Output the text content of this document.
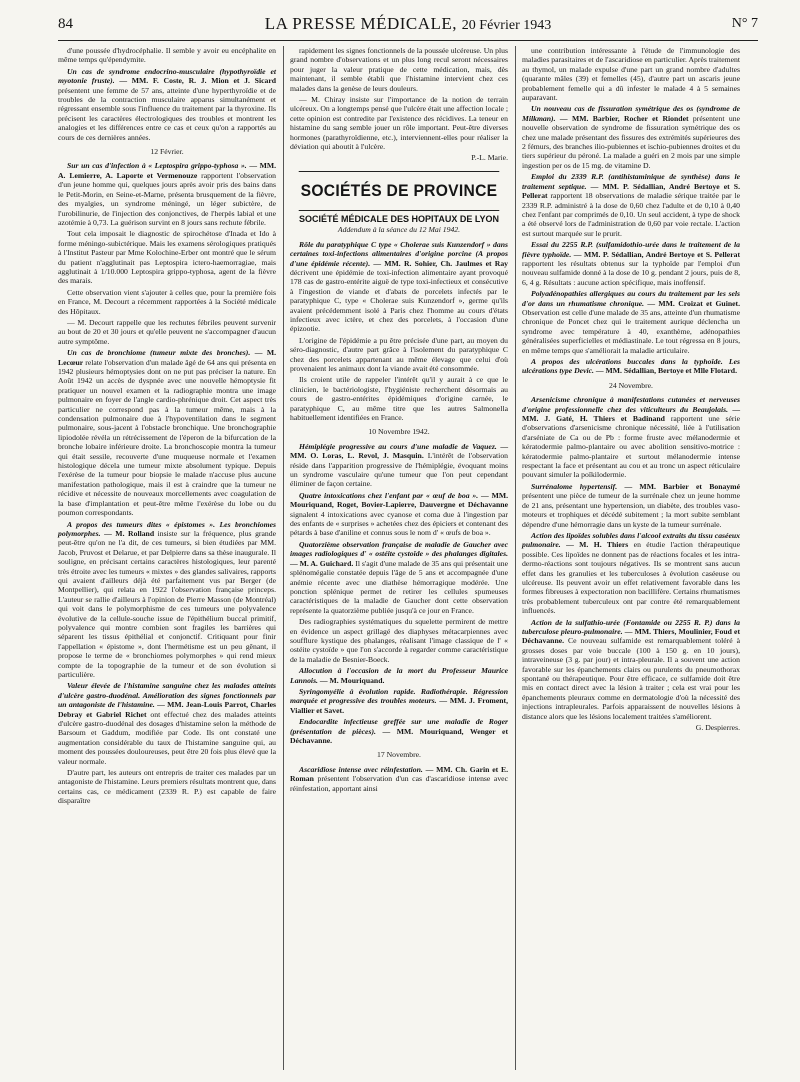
84	LA PRESSE MÉDICALE, 20 Février 1943	N° 7

d'une poussée d'hydrocéphalie. Il semble y avoir eu encéphalite en même temps qu'épendymite.

Un cas de syndrome endocrino-musculaire (hypothyroïdie et myotonie fruste). — MM. F. Coste, R. J. Mion et J. Sicard présentent une femme de 57 ans, atteinte d'une hyperthyroïdie et de troubles de la contraction musculaire apparus simultanément et régressant ensemble sous l'influence du traitement par la thyroxine. Ils précisent les caractères électrologiques des troubles et montrent les analogies et les différences entre ce cas et ceux qu'on a rapportés au cours de ces dernières années.

12 Février.

Sur un cas d'infection à « Leptospira grippo-typhosa ». — MM. A. Lemierre, A. Laporte et Vermenouze rapportent l'observation d'un jeune homme qui, quelques jours après avoir pris des bains dans le Petit-Morin, en Seine-et-Marne, présenta brusquement de la fièvre, des myalgies, un syndrome méningé, un léger subictère, de l'urobilinurie, de l'injection des conjonctives, de l'herpès labial et une azotémie à 0,73. La guérison survint en 8 jours sans rechute fébrile.

Tout cela imposait le diagnostic de spirochétose d'Inada et Ido à forme méningo-subictérique. Mais les examens sérologiques pratiqués à l'Institut Pasteur par Mme Kolochine-Erber ont montré que le sérum du patient n'agglutinait pas Leptospira ictero-haemorragiae, mais agglutinait à 1/10.000 Leptospira grippo-typhosa, agent de la fièvre des marais.

Cette observation vient s'ajouter à celles que, pour la première fois en France, M. Decourt a récemment rapportées à la Société médicale des Hôpitaux.

— M. Decourt rappelle que les rechutes fébriles peuvent survenir au bout de 20 et 30 jours et qu'elle peuvent ne s'accompagner d'aucun autre symptôme.

Un cas de bronchiome (tumeur mixte des bronches). — M. Lecœur relate l'observation d'un malade âgé de 64 ans qui présenta en 1942 plusieurs hémoptysies dont on ne put pas préciser la nature. En Août 1942 un accès de dyspnée avec une nouvelle hémoptysie fit pratiquer un nouvel examen et la radiographie montra une image pulmonaire en foyer de l'angle cardio-phrénique droit. Cet aspect très particulier ne correspond pas à la tumeur même, mais à la condensation pulmonaire due à l'hypoventilation dans le segment pulmonaire, sous-jacent à l'obstacle bronchique. Une bronchographie lipiodolée révéla un rétrécissement de l'éperon de la bifurcation de la bronche lobaire inférieure droite. La bronchoscopie montra la tumeur qui était sessile, recouverte d'une muqueuse normale et l'examen histologique décela une tumeur mixte absolument typique. Depuis l'exérèse de la tumeur pour biopsie le malade n'accuse plus aucune manifestation pathologique, mais il est à craindre que la tumeur ne récidive et nécessite de nouveaux morcellements avec coagulation de la base d'implantation et peut-être même l'exérèse du lobe ou du poumon correspondants.

A propos des tumeurs dites « épistomes ». Les bronchiomes polymorphes. — M. Rolland insiste sur la fréquence, plus grande peut-être qu'on ne l'a dit, de ces tumeurs, si bien étudiées par MM. Jacob, Pruvost et Delarue, et par Delpierre dans sa thèse inaugurale. Il souligne, en précisant certains caractères histologiques, leur parenté très étroite avec les tumeurs « mixtes » des glandes salivaires, rapports qui avaient d'ailleurs déjà été parfaitement vus par Berger (de Montpellier), qui relata en 1922 l'observation française princeps. L'auteur se rallie d'ailleurs à l'opinion de Pierre Masson (de Montréal) qui voit dans le polymorphisme de ces tumeurs une polyvalence évolutive de la cellule-souche issue de l'épithélium buccal primitif, polyvalence qui montre combien sont fragiles les barrières qui séparent les tissus épithélial et conjonctif. Critiquant pour finir l'appellation « épistome », dont l'hermétisme est un peu gênant, il propose le terme de « bronchiomes polymorphes » qui rend mieux compte de la topographie de la tumeur et de son évolution si particulière.

Valeur élevée de l'histamine sanguine chez les malades atteints d'ulcère gastro-duodénal. Amélioration des signes fonctionnels par un antagoniste de l'histamine. — MM. Jean-Louis Parrot, Charles Debray et Gabriel Richet ont effectué chez des malades atteints d'ulcère gastro-duodénal des dosages d'histamine selon la méthode de Barsoum et Gaddum, modifiée par Code. Ils ont constaté une augmentation considérable du taux de l'histamine sanguine qui, au moment des poussées douloureuses, peut être 20 fois plus élevé que la valeur normale.

D'autre part, les auteurs ont entrepris de traiter ces malades par un antagoniste de l'histamine. Leurs premiers résultats montrent que, dans certains cas, ce médicament (2339 R. P.) est capable de faire disparaître

rapidement les signes fonctionnels de la poussée ulcéreuse. Un plus grand nombre d'observations et un plus long recul seront nécessaires pour juger la valeur pratique de cette médication, mais, dès maintenant, il semble établi que l'histamine intervient chez ces malades dans la genèse de leurs douleurs.

— M. Chiray insiste sur l'importance de la notion de terrain ulcéreux. On a longtemps pensé que l'ulcère était une affection locale ; cette opinion est contredite par l'existence des récidives. La teneur en histamine du sang semble jouer un rôle important. Peut-être diverses hormones (parathyroïdienne, etc.), interviennent-elles pour réaliser la déviation qui aboutit à l'ulcère.

P.-L. Marie.

SOCIÉTÉS DE PROVINCE
SOCIÉTÉ MÉDICALE DES HOPITAUX DE LYON
Addendum à la séance du 12 Mai 1942.

Rôle du paratyphique C type « Cholerae suis Kunzendorf » dans certaines toxi-infections alimentaires d'origine porcine (A propos d'une épidémie récente). — MM. R. Sohier, Ch. Jaulmes et Ray décrivent une épidémie de toxi-infection alimentaire ayant provoqué 178 cas de gastro-entérite aiguë de type toxi-infectieux et consécutive à l'ingestion de viande et d'abats de porcelets infectés par le paratyphique C, type « Cholerae suis Kunzendorf », germe qu'ils avaient précédemment isolé à Paris chez l'homme au cours d'états infectieux avec ictère, et chez des porcelets, à l'occasion d'une épizootie.

L'origine de l'épidémie a pu être précisée d'une part, au moyen du séro-diagnostic, d'autre part grâce à l'isolement du paratyphique C chez des porcelets appartenant au même élevage que celui d'où provenaient les animaux dont la viande avait été consommée.

Ils croient utile de rappeler l'intérêt qu'il y aurait à ce que le clinicien, le bactériologiste, l'hygiéniste recherchent désormais au cours de gastro-entérites épidémiques d'origine carnée, le paratyphique C, au même titre que les autres Salmonella habituellement identifiées en France.

10 Novembre 1942.

Hémiplégie progressive au cours d'une maladie de Vaquez. — MM. O. Loras, L. Revol, J. Masquin. L'intérêt de l'observation réside dans l'apparition progressive de l'hémiplégie, évoquant moins un syndrome vasculaire qu'une tumeur que l'on peut cependant éliminer de façon certaine.

Quatre intoxications chez l'enfant par « œuf de boa ». — MM. Mouriquand, Roget, Bovier-Lapierre, Dauvergne et Déchavanne signalent 4 intoxications avec cyanose et coma due à l'ingestion par des enfants de « surprises » achetées chez des épiciers et contenant des pétards à base d'aniline et connus sous le nom d' « œufs de boa ».

Quatorzième observation française de maladie de Gaucher avec images radiologiques d' « ostéite cystoïde » des phalanges digitales. — M. A. Guichard. Il s'agit d'une malade de 35 ans qui présentait une splénomégalie constatée depuis l'âge de 5 ans et accompagnée d'une anémie récente avec une diathèse hémorragique modérée. Une ponction splénique permet de retirer les cellules spumeuses caractéristiques de la maladie de Gaucher dont cette observation représente la quatorzième publiée jusqu'à ce jour en France.

Des radiographies systématiques du squelette permirent de mettre en évidence un aspect grillagé des diaphyses métacarpiennes avec soufflure kystique des phalanges, réalisant l'image classique de l' « ostéite cystoïde » que l'on s'accorde à regarder comme caractéristique de la maladie de Besnier-Boeck.

Allocution à l'occasion de la mort du Professeur Maurice Lannois. — M. Mouriquand.

Syringomyélie à évolution rapide. Radiothérapie. Régression marquée et progressive des troubles moteurs. — MM. J. Froment, Viallier et Savet.

Endocardite infectieuse greffée sur une maladie de Roger (présentation de pièces). — MM. Mouriquand, Wenger et Déchavanne.

17 Novembre.

Ascaridiose intense avec réinfestation. — MM. Ch. Garin et E. Roman présentent l'observation d'un cas d'ascaridiose intense avec réinfestation, apportant ainsi

une contribution intéressante à l'étude de l'immunologie des maladies parasitaires et de l'ascaridiose en particulier. Après traitement au thymol, un malade expulse d'une part un grand nombre d'adultes (quarante mâles (39) et femelles (45), d'autre part un ascaris jeune probablement femelle qui a dû infester le malade 4 à 5 semaines auparavant.

Un nouveau cas de fissuration symétrique des os (syndrome de Milkman). — MM. Barbier, Rocher et Riondet présentent une nouvelle observation de syndrome de fissuration symétrique des os chez une malade présentant des fissures des extrémités supérieures des 2 fémurs, des branches ilio-pubiennes et ischio-pubiennes droites et du tiers supérieur du péroné. La malade a guéri en 2 mois par une simple ingestion per os de 15 mg. de vitamine D.

Emploi du 2339 R.P. (antihistaminique de synthèse) dans le traitement septique. — MM. P. Sédallian, André Bertoye et S. Pellerat rapportent 18 observations de maladie sérique traitée par le 2339 R.P. administré à la dose de 0,60 chez l'adulte et de 0,10 à 0,40 chez l'enfant par comprimés de 0,10. Un seul accident, à type de shock a été observé lors de l'administration de 0,60 par voie rectale. L'action est surtout marquée sur le prurit.

Essai du 2255 R.P. (sulfamidothio-urée dans le traitement de la fièvre typhoïde. — MM. P. Sédallian, André Bertoye et S. Pellerat rapportent les résultats obtenus sur la typhoïde par l'emploi d'un nouveau sulfamide donné à la dose de 10 g. pendant 2 jours, puis de 8, 6, 4 g. Résultats : aucune action spécifique, mais inoffensif.

Polyadénopathies allergiques au cours du traitement par les sels d'or dans un rhumatisme chronique. — MM. Croizat et Guinet. Observation est celle d'une malade de 35 ans, atteinte d'un rhumatisme chronique de Poncet chez qui le traitement aurique déclencha un syndrome avec température à 40, exanthème, adénopathies généralisées superficielles et médiastinale. Le tout régressa en 8 jours, en même temps que s'améliorait la maladie articulaire.

A propos des ulcérations buccales dans la typhoïde. Les ulcérations type Devic. — MM. Sédallian, Bertoye et Mlle Flotard.

24 Novembre.

Arsenicisme chronique à manifestations cutanées et nerveuses d'origine professionnelle chez des viticulteurs du Beaujolais. — MM. J. Gaté, H. Thiers et Badinand rapportent une série d'observations d'arsenicisme chronique nécessité, liée à l'utilisation d'arséniate de Ca ou de Pb : forme fruste avec mélanodermie et kératodermie palmo-plantaire ou avec abolition sensitivo-motrice : kératodermie palmo-plantaire et surtout mélanodermie intense respectant la face et présentant au cou et au tronc un aspect réticulaire pouvant simuler la poïkilodermie.

Surrénalome hypertensif. — MM. Barbier et Bonaymé présentent une pièce de tumeur de la surrénale chez un jeune homme de 21 ans, présentant une hypertension, un diabète, des troubles vaso-moteurs et trophiques et décédé subitement ; la mort subite semblant dépendre d'une hémorragie dans un kyste de la tumeur surrénale.

Action des lipoïdes solubles dans l'alcool extraits du tissu caséeux pulmonaire. — M. H. Thiers en étudie l'action thérapeutique possible. Ces lipoïdes ne donnent pas de réactions focales et les intra-dermo-réactions sont toujours négatives. Ils se montrent sans aucun effet dans les granulies et les tuberculoses à évolution caséeuse ou ulcéreuse. Ils peuvent avoir un effet relativement favorable dans les formes fibreuses à expectoration non bacillifère. Certains rhumatismes très probablement tuberculeux ont par contre été remarquablement influencés.

Action de la sulfathio-urée (Fontamide ou 2255 R. P.) dans la tuberculose pleuro-pulmonaire. — MM. Thiers, Moulinier, Foud et Déchavanne. Ce nouveau sulfamide est remarquablement toléré à grosses doses par voie buccale (100 à 150 g. en 10 jours), intraveineuse (3 g. par jour) et intra-pleurale. Il a souvent une action favorable sur les épanchements clairs ou purulents du pneumothorax spontané ou thérapeutique. Pour être efficace, ce sulfamide doit être mis en contact direct avec la lésion à traiter ; cela est vrai pour les épanchements pleuraux comme en dermatologie d'où la nécessité des injections intrapleurales. Parfois apparaissent de nouvelles lésions à distance alors que les lésions localement traitées s'améliorent.

G. Despierres.
